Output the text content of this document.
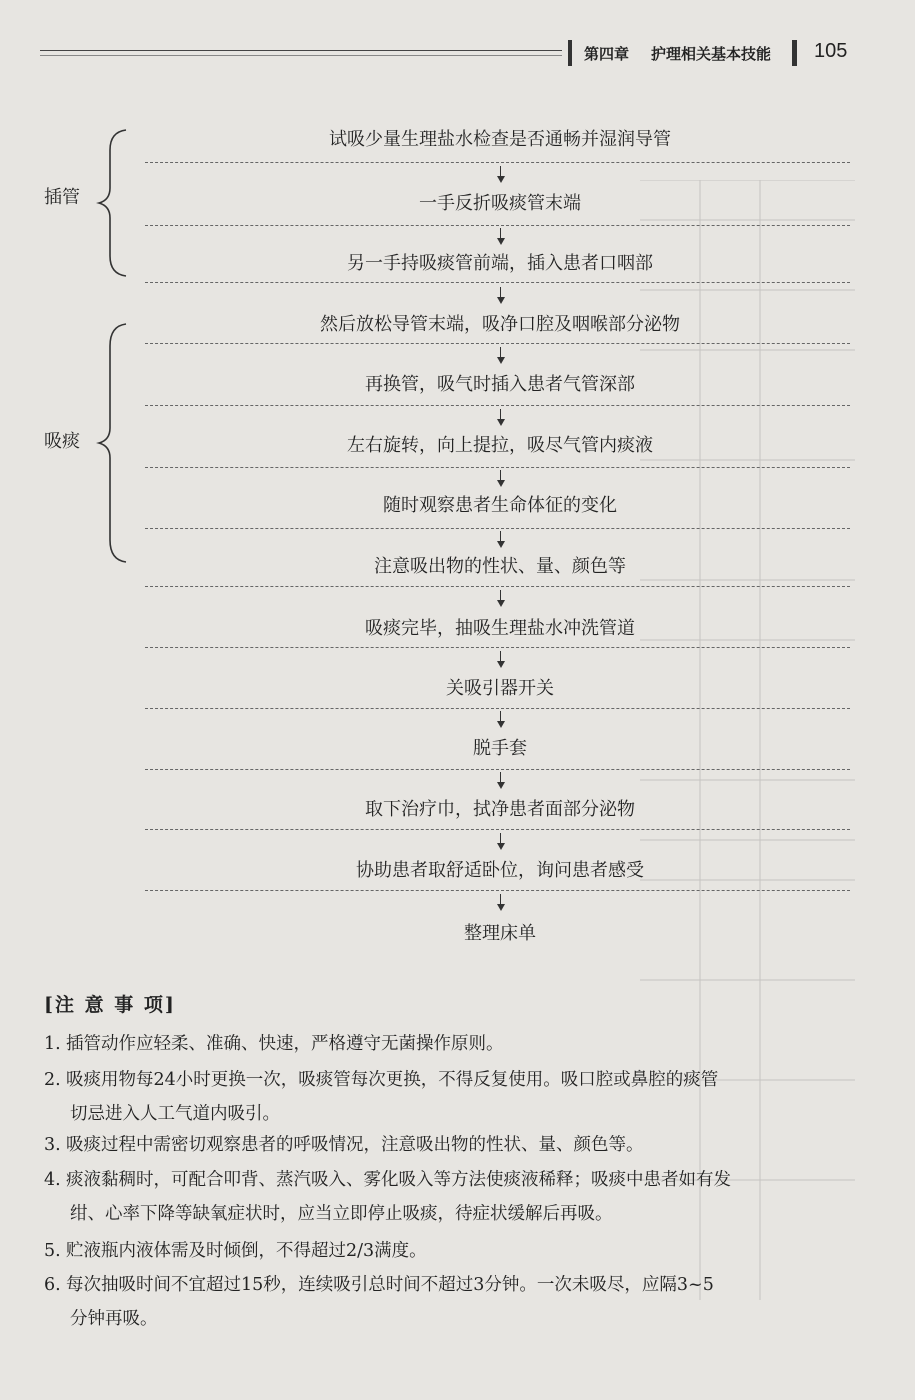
第四章 护理相关基本技能 105
插管
吸痰
试吸少量生理盐水检查是否通畅并湿润导管
一手反折吸痰管末端
另一手持吸痰管前端，插入患者口咽部
然后放松导管末端，吸净口腔及咽喉部分泌物
再换管，吸气时插入患者气管深部
左右旋转，向上提拉，吸尽气管内痰液
随时观察患者生命体征的变化
注意吸出物的性状、量、颜色等
吸痰完毕，抽吸生理盐水冲洗管道
关吸引器开关
脱手套
取下治疗巾，拭净患者面部分泌物
协助患者取舒适卧位，询问患者感受
整理床单
[注 意 事 项]
1. 插管动作应轻柔、准确、快速，严格遵守无菌操作原则。
2. 吸痰用物每24小时更换一次，吸痰管每次更换，不得反复使用。吸口腔或鼻腔的痰管
切忌进入人工气道内吸引。
3. 吸痰过程中需密切观察患者的呼吸情况，注意吸出物的性状、量、颜色等。
4. 痰液黏稠时，可配合叩背、蒸汽吸入、雾化吸入等方法使痰液稀释；吸痰中患者如有发
绀、心率下降等缺氧症状时，应当立即停止吸痰，待症状缓解后再吸。
5. 贮液瓶内液体需及时倾倒，不得超过2/3满度。
6. 每次抽吸时间不宜超过15秒，连续吸引总时间不超过3分钟。一次未吸尽，应隔3~5
分钟再吸。
